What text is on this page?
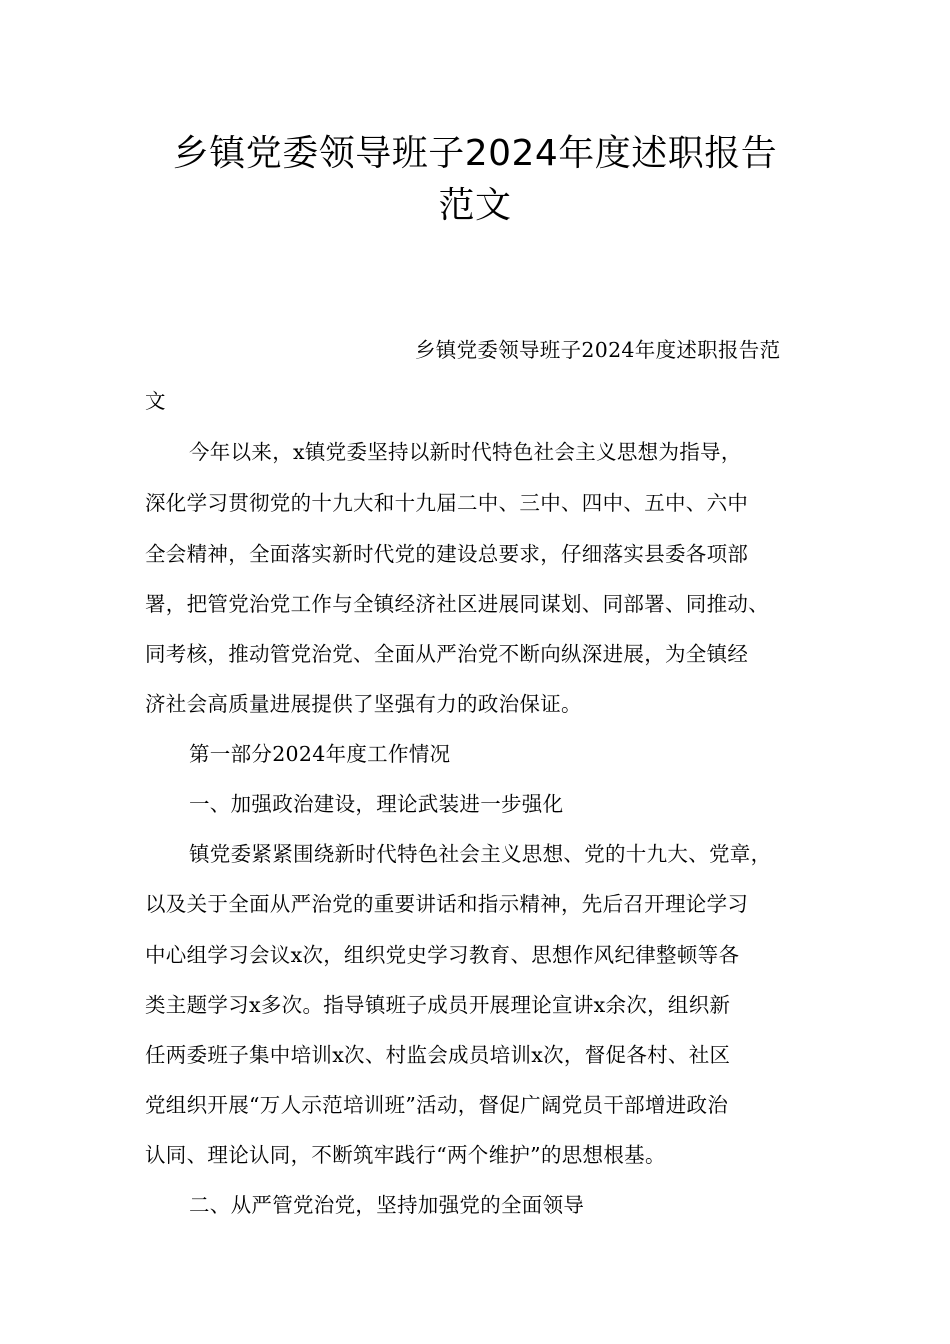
乡镇党委领导班子2024年度述职报告
范文
乡镇党委领导班子2024年度述职报告范
文
今年以来，x镇党委坚持以新时代特色社会主义思想为指导，
深化学习贯彻党的十九大和十九届二中、三中、四中、五中、六中
全会精神，全面落实新时代党的建设总要求，仔细落实县委各项部
署，把管党治党工作与全镇经济社区进展同谋划、同部署、同推动、
同考核，推动管党治党、全面从严治党不断向纵深进展，为全镇经
济社会高质量进展提供了坚强有力的政治保证。
第一部分2024年度工作情况
一、加强政治建设，理论武装进一步强化
镇党委紧紧围绕新时代特色社会主义思想、党的十九大、党章，
以及关于全面从严治党的重要讲话和指示精神，先后召开理论学习
中心组学习会议x次，组织党史学习教育、思想作风纪律整顿等各
类主题学习x多次。指导镇班子成员开展理论宣讲x余次，组织新
任两委班子集中培训x次、村监会成员培训x次，督促各村、社区
党组织开展“万人示范培训班”活动，督促广阔党员干部增进政治
认同、理论认同，不断筑牢践行“两个维护”的思想根基。
二、从严管党治党，坚持加强党的全面领导
